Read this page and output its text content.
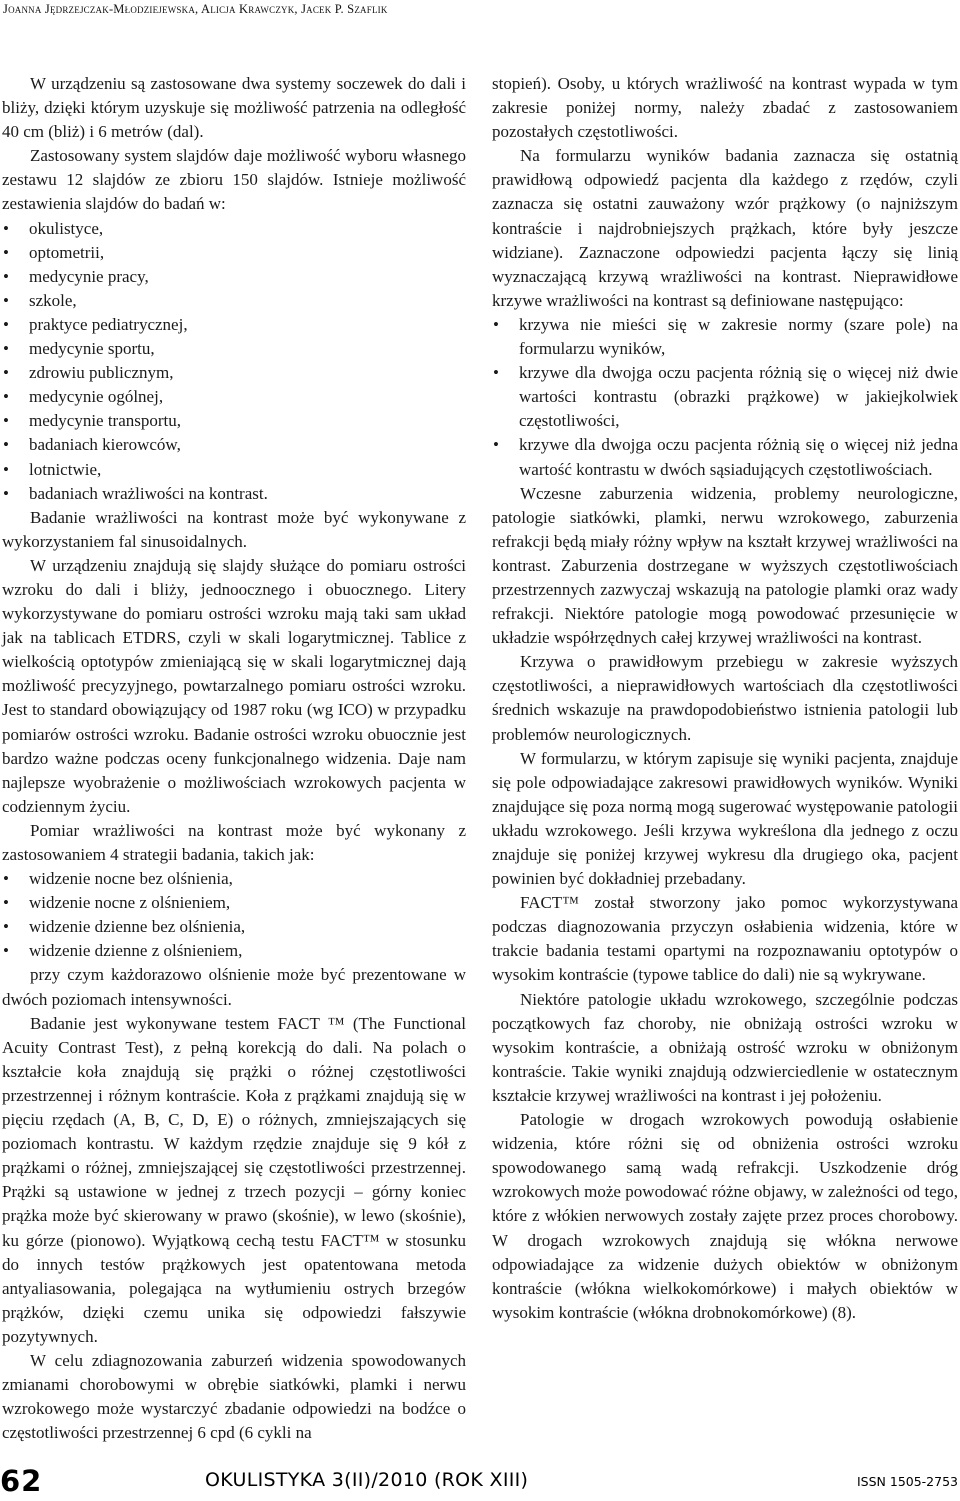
Joanna Jędrzejczak-Młodziejewska, Alicja Krawczyk, Jacek P. Szaflik

W urządzeniu są zastosowane dwa systemy soczewek do dali i bliży, dzięki którym uzyskuje się możliwość patrzenia na odległość 40 cm (bliż) i 6 metrów (dal).

Zastosowany system slajdów daje możliwość wyboru własnego zestawu 12 slajdów ze zbioru 150 slajdów. Istnieje możliwość zestawienia slajdów do badań w:

• okulistyce,
• optometrii,
• medycynie pracy,
• szkole,
• praktyce pediatrycznej,
• medycynie sportu,
• zdrowiu publicznym,
• medycynie ogólnej,
• medycynie transportu,
• badaniach kierowców,
• lotnictwie,
• badaniach wrażliwości na kontrast.

Badanie wrażliwości na kontrast może być wykonywane z wykorzystaniem fal sinusoidalnych.

W urządzeniu znajdują się slajdy służące do pomiaru ostrości wzroku do dali i bliży, jednoocznego i obuocznego. Litery wykorzystywane do pomiaru ostrości wzroku mają taki sam układ jak na tablicach ETDRS, czyli w skali logarytmicznej. Tablice z wielkością optotypów zmieniającą się w skali logarytmicznej dają możliwość precyzyjnego, powtarzalnego pomiaru ostrości wzroku. Jest to standard obowiązujący od 1987 roku (wg ICO) w przypadku pomiarów ostrości wzroku. Badanie ostrości wzroku obuocznie jest bardzo ważne podczas oceny funkcjonalnego widzenia. Daje nam najlepsze wyobrażenie o możliwościach wzrokowych pacjenta w codziennym życiu.

Pomiar wrażliwości na kontrast może być wykonany z zastosowaniem 4 strategii badania, takich jak:

• widzenie nocne bez olśnienia,
• widzenie nocne z olśnieniem,
• widzenie dzienne bez olśnienia,
• widzenie dzienne z olśnieniem,

przy czym każdorazowo olśnienie może być prezentowane w dwóch poziomach intensywności.

Badanie jest wykonywane testem FACT ™ (The Functional Acuity Contrast Test), z pełną korekcją do dali. Na polach o kształcie koła znajdują się prążki o różnej częstotliwości przestrzennej i różnym kontraście. Koła z prążkami znajdują się w pięciu rzędach (A, B, C, D, E) o różnych, zmniejszających się poziomach kontrastu. W każdym rzędzie znajduje się 9 kół z prążkami o różnej, zmniejszającej się częstotliwości przestrzennej. Prążki są ustawione w jednej z trzech pozycji – górny koniec prążka może być skierowany w prawo (skośnie), w lewo (skośnie), ku górze (pionowo). Wyjątkową cechą testu FACT™ w stosunku do innych testów prążkowych jest opatentowana metoda antyaliasowania, polegająca na wytłumieniu ostrych brzegów prążków, dzięki czemu unika się odpowiedzi fałszywie pozytywnych.

W celu zdiagnozowania zaburzeń widzenia spowodowanych zmianami chorobowymi w obrębie siatkówki, plamki i nerwu wzrokowego może wystarczyć zbadanie odpowiedzi na bodźce o częstotliwości przestrzennej 6 cpd (6 cykli na

stopień). Osoby, u których wrażliwość na kontrast wypada w tym zakresie poniżej normy, należy zbadać z zastosowaniem pozostałych częstotliwości.

Na formularzu wyników badania zaznacza się ostatnią prawidłową odpowiedź pacjenta dla każdego z rzędów, czyli zaznacza się ostatni zauważony wzór prążkowy (o najniższym kontraście i najdrobniejszych prążkach, które były jeszcze widziane). Zaznaczone odpowiedzi pacjenta łączy się linią wyznaczającą krzywą wrażliwości na kontrast. Nieprawidłowe krzywe wrażliwości na kontrast są definiowane następująco:

• krzywa nie mieści się w zakresie normy (szare pole) na formularzu wyników,
• krzywe dla dwojga oczu pacjenta różnią się o więcej niż dwie wartości kontrastu (obrazki prążkowe) w jakiejkolwiek częstotliwości,
• krzywe dla dwojga oczu pacjenta różnią się o więcej niż jedna wartość kontrastu w dwóch sąsiadujących częstotliwościach.

Wczesne zaburzenia widzenia, problemy neurologiczne, patologie siatkówki, plamki, nerwu wzrokowego, zaburzenia refrakcji będą miały różny wpływ na kształt krzywej wrażliwości na kontrast. Zaburzenia dostrzegane w wyższych częstotliwościach przestrzennych zazwyczaj wskazują na patologie plamki oraz wady refrakcji. Niektóre patologie mogą powodować przesunięcie w układzie współrzędnych całej krzywej wrażliwości na kontrast.

Krzywa o prawidłowym przebiegu w zakresie wyższych częstotliwości, a nieprawidłowych wartościach dla częstotliwości średnich wskazuje na prawdopodobieństwo istnienia patologii lub problemów neurologicznych.

W formularzu, w którym zapisuje się wyniki pacjenta, znajduje się pole odpowiadające zakresowi prawidłowych wyników. Wyniki znajdujące się poza normą mogą sugerować występowanie patologii układu wzrokowego. Jeśli krzywa wykreślona dla jednego z oczu znajduje się poniżej krzywej wykresu dla drugiego oka, pacjent powinien być dokładniej przebadany.

FACT™ został stworzony jako pomoc wykorzystywana podczas diagnozowania przyczyn osłabienia widzenia, które w trakcie badania testami opartymi na rozpoznawaniu optotypów o wysokim kontraście (typowe tablice do dali) nie są wykrywane.

Niektóre patologie układu wzrokowego, szczególnie podczas początkowych faz choroby, nie obniżają ostrości wzroku w wysokim kontraście, a obniżają ostrość wzroku w obniżonym kontraście. Takie wyniki znajdują odzwierciedlenie w ostatecznym kształcie krzywej wrażliwości na kontrast i jej położeniu.

Patologie w drogach wzrokowych powodują osłabienie widzenia, które różni się od obniżenia ostrości wzroku spowodowanego samą wadą refrakcji. Uszkodzenie dróg wzrokowych może powodować różne objawy, w zależności od tego, które z włókien nerwowych zostały zajęte przez proces chorobowy. W drogach wzrokowych znajdują się włókna nerwowe odpowiadające za widzenie dużych obiektów w obniżonym kontraście (włókna wielkokomórkowe) i małych obiektów w wysokim kontraście (włókna drobnokomórkowe) (8).

62	OKULISTYKA 3(II)/2010 (ROK XIII)	ISSN 1505-2753
